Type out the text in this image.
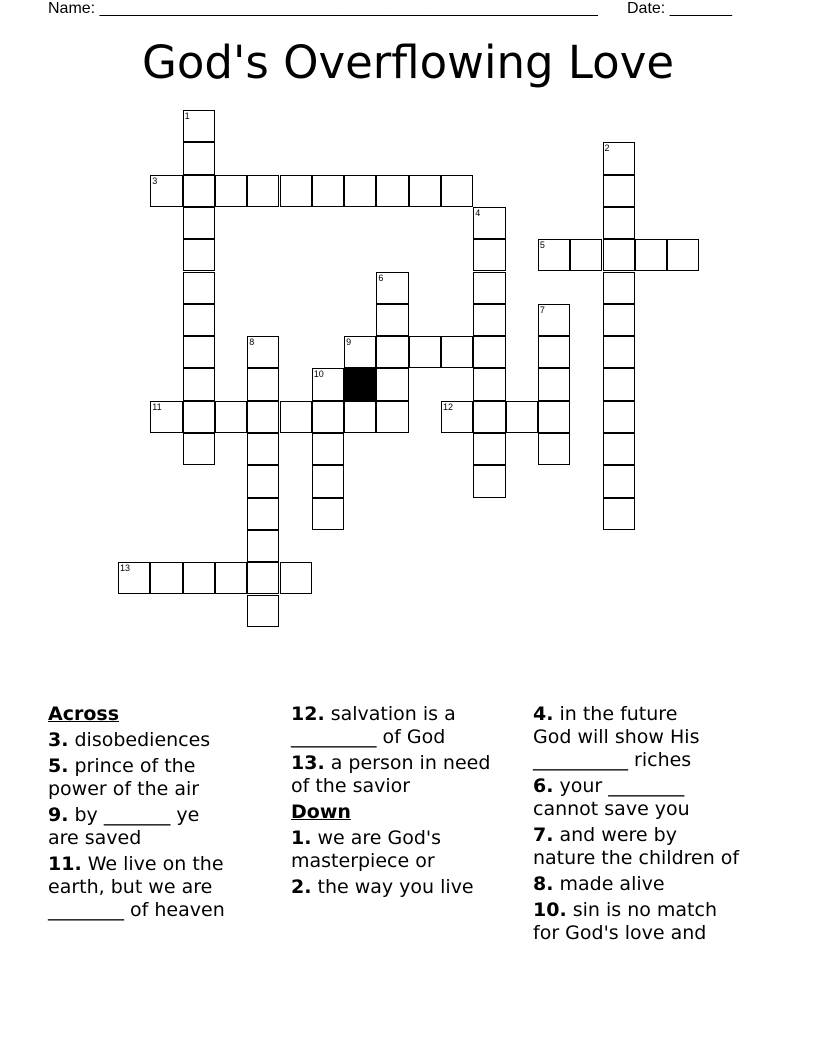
Name: ________________________________________________________ Date: _______
God's Overflowing Love
1
2
3
4
5
6
7
8	9
10
11	12
13
Across
3. disobediences
5. prince of the
power of the air
9. by _______ ye
are saved
11. We live on the
earth, but we are
________ of heaven
12. salvation is a
_________ of God
13. a person in need
of the savior
Down
1. we are God's
masterpiece or
2. the way you live
4. in the future
God will show His
__________ riches
6. your ________
cannot save you
7. and were by
nature the children of
8. made alive
10. sin is no match
for God's love and
